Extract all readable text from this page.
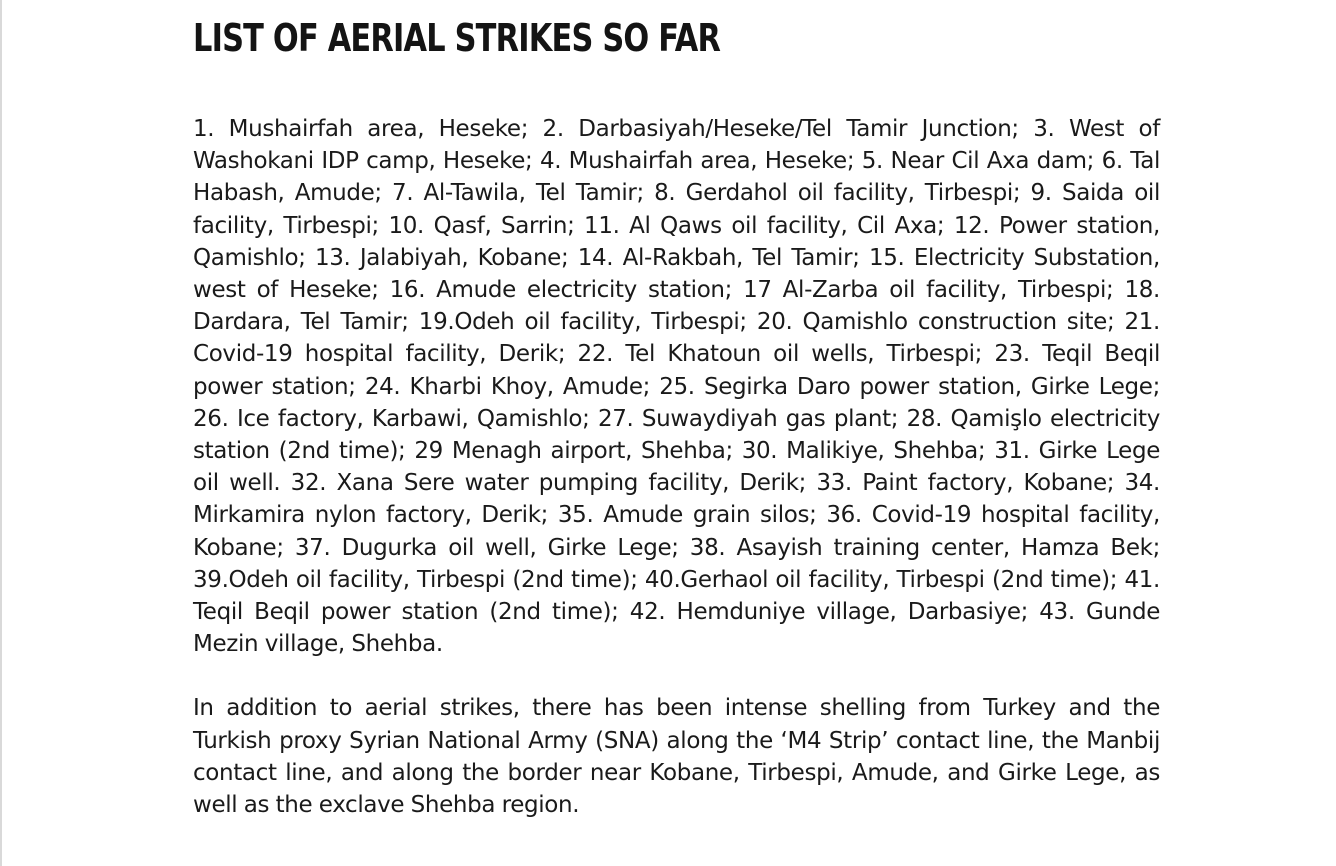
LIST OF AERIAL STRIKES SO FAR

1. Mushairfah area, Heseke; 2. Darbasiyah/Heseke/Tel Tamir Junction; 3. West of Washokani IDP camp, Heseke; 4. Mushairfah area, Heseke; 5. Near Cil Axa dam; 6. Tal Habash, Amude; 7. Al-Tawila, Tel Tamir; 8. Gerdahol oil facility, Tirbespi; 9. Saida oil facility, Tirbespi; 10. Qasf, Sarrin; 11. Al Qaws oil facility, Cil Axa; 12. Power station, Qamishlo; 13. Jalabiyah, Kobane; 14. Al-Rakbah, Tel Tamir; 15. Electricity Substation, west of Heseke; 16. Amude electricity station; 17 Al-Zarba oil facility, Tirbespi; 18. Dardara, Tel Tamir; 19.Odeh oil facility, Tirbespi; 20. Qamishlo construction site; 21. Covid-19 hospital facility, Derik; 22. Tel Khatoun oil wells, Tirbespi; 23. Teqil Beqil power station; 24. Kharbi Khoy, Amude; 25. Segirka Daro power station, Girke Lege; 26. Ice factory, Karbawi, Qamishlo; 27. Suwaydiyah gas plant; 28. Qamişlo electricity station (2nd time); 29 Menagh airport, Shehba; 30. Malikiye, Shehba; 31. Girke Lege oil well. 32. Xana Sere water pumping facility, Derik; 33. Paint factory, Kobane; 34. Mirkamira nylon factory, Derik; 35. Amude grain silos; 36. Covid-19 hospital facility, Kobane; 37. Dugurka oil well, Girke Lege; 38. Asayish training center, Hamza Bek; 39.Odeh oil facility, Tirbespi (2nd time); 40.Gerhaol oil facility, Tirbespi (2nd time); 41. Teqil Beqil power station (2nd time); 42. Hemduniye village, Darbasiye; 43. Gunde Mezin village, Shehba.

In addition to aerial strikes, there has been intense shelling from Turkey and the Turkish proxy Syrian National Army (SNA) along the ‘M4 Strip’ contact line, the Manbij contact line, and along the border near Kobane, Tirbespi, Amude, and Girke Lege, as well as the exclave Shehba region.
